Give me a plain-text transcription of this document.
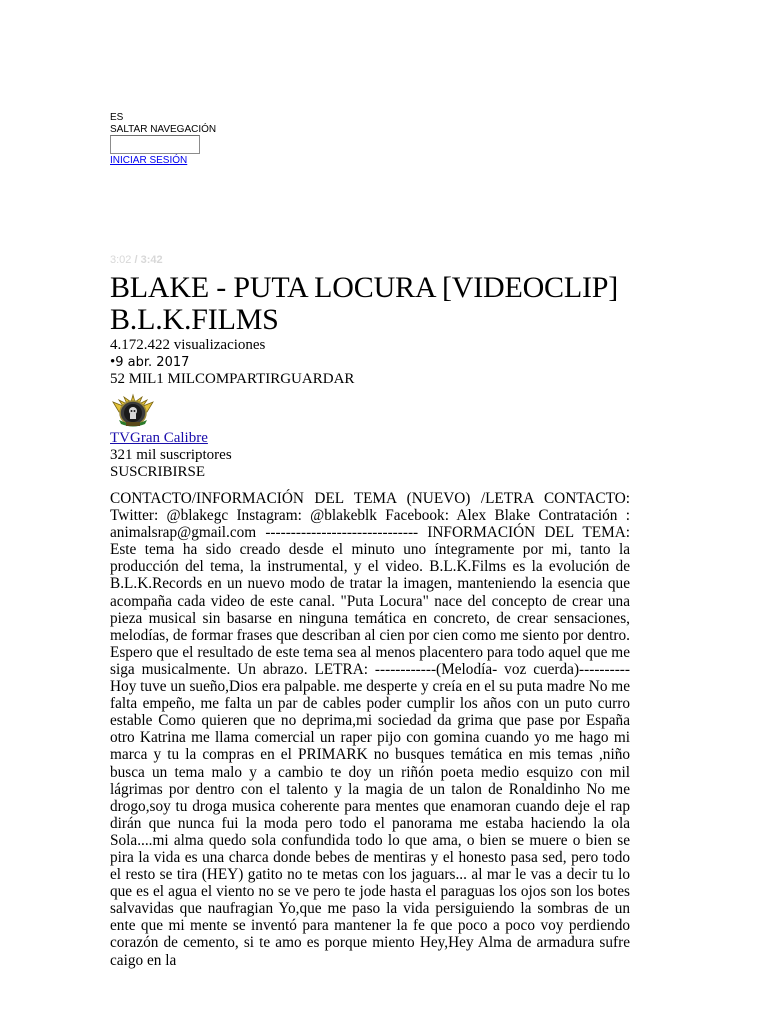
ES
SALTAR NAVEGACIÓN
INICIAR SESIÓN
3:02 / 3:42
BLAKE - PUTA LOCURA [VIDEOCLIP] B.L.K.FILMS
4.172.422 visualizaciones
•9 abr. 2017
52 MIL1 MILCOMPARTIRGUARDAR
TVGran Calibre
321 mil suscriptores
SUSCRIBIRSE
CONTACTO/INFORMACIÓN DEL TEMA (NUEVO) /LETRA CONTACTO: Twitter: @blakegc Instagram: @blakeblk Facebook: Alex Blake Contratación : animalsrap@gmail.com ------------------------------ INFORMACIÓN DEL TEMA: Este tema ha sido creado desde el minuto uno íntegramente por mi, tanto la producción del tema, la instrumental, y el video. B.L.K.Films es la evolución de B.L.K.Records en un nuevo modo de tratar la imagen, manteniendo la esencia que acompaña cada video de este canal. "Puta Locura" nace del concepto de crear una pieza musical sin basarse en ninguna temática en concreto, de crear sensaciones, melodías, de formar frases que describan al cien por cien como me siento por dentro. Espero que el resultado de este tema sea al menos placentero para todo aquel que me siga musicalmente. Un abrazo. LETRA: ------------(Melodía- voz cuerda)---------- Hoy tuve un sueño,Dios era palpable. me desperte y creía en el su puta madre No me falta empeño, me falta un par de cables poder cumplir los años con un puto curro estable Como quieren que no deprima,mi sociedad da grima que pase por España otro Katrina me llama comercial un raper pijo con gomina cuando yo me hago mi marca y tu la compras en el PRIMARK no busques temática en mis temas ,niño busca un tema malo y a cambio te doy un riñón poeta medio esquizo con mil lágrimas por dentro con el talento y la magia de un talon de Ronaldinho No me drogo,soy tu droga musica coherente para mentes que enamoran cuando deje el rap dirán que nunca fui la moda pero todo el panorama me estaba haciendo la ola Sola....mi alma quedo sola confundida todo lo que ama, o bien se muere o bien se pira la vida es una charca donde bebes de mentiras y el honesto pasa sed, pero todo el resto se tira (HEY) gatito no te metas con los jaguars... al mar le vas a decir tu lo que es el agua el viento no se ve pero te jode hasta el paraguas los ojos son los botes salvavidas que naufragian Yo,que me paso la vida persiguiendo la sombras de un ente que mi mente se inventó para mantener la fe que poco a poco voy perdiendo corazón de cemento, si te amo es porque miento Hey,Hey Alma de armadura sufre caigo en la
